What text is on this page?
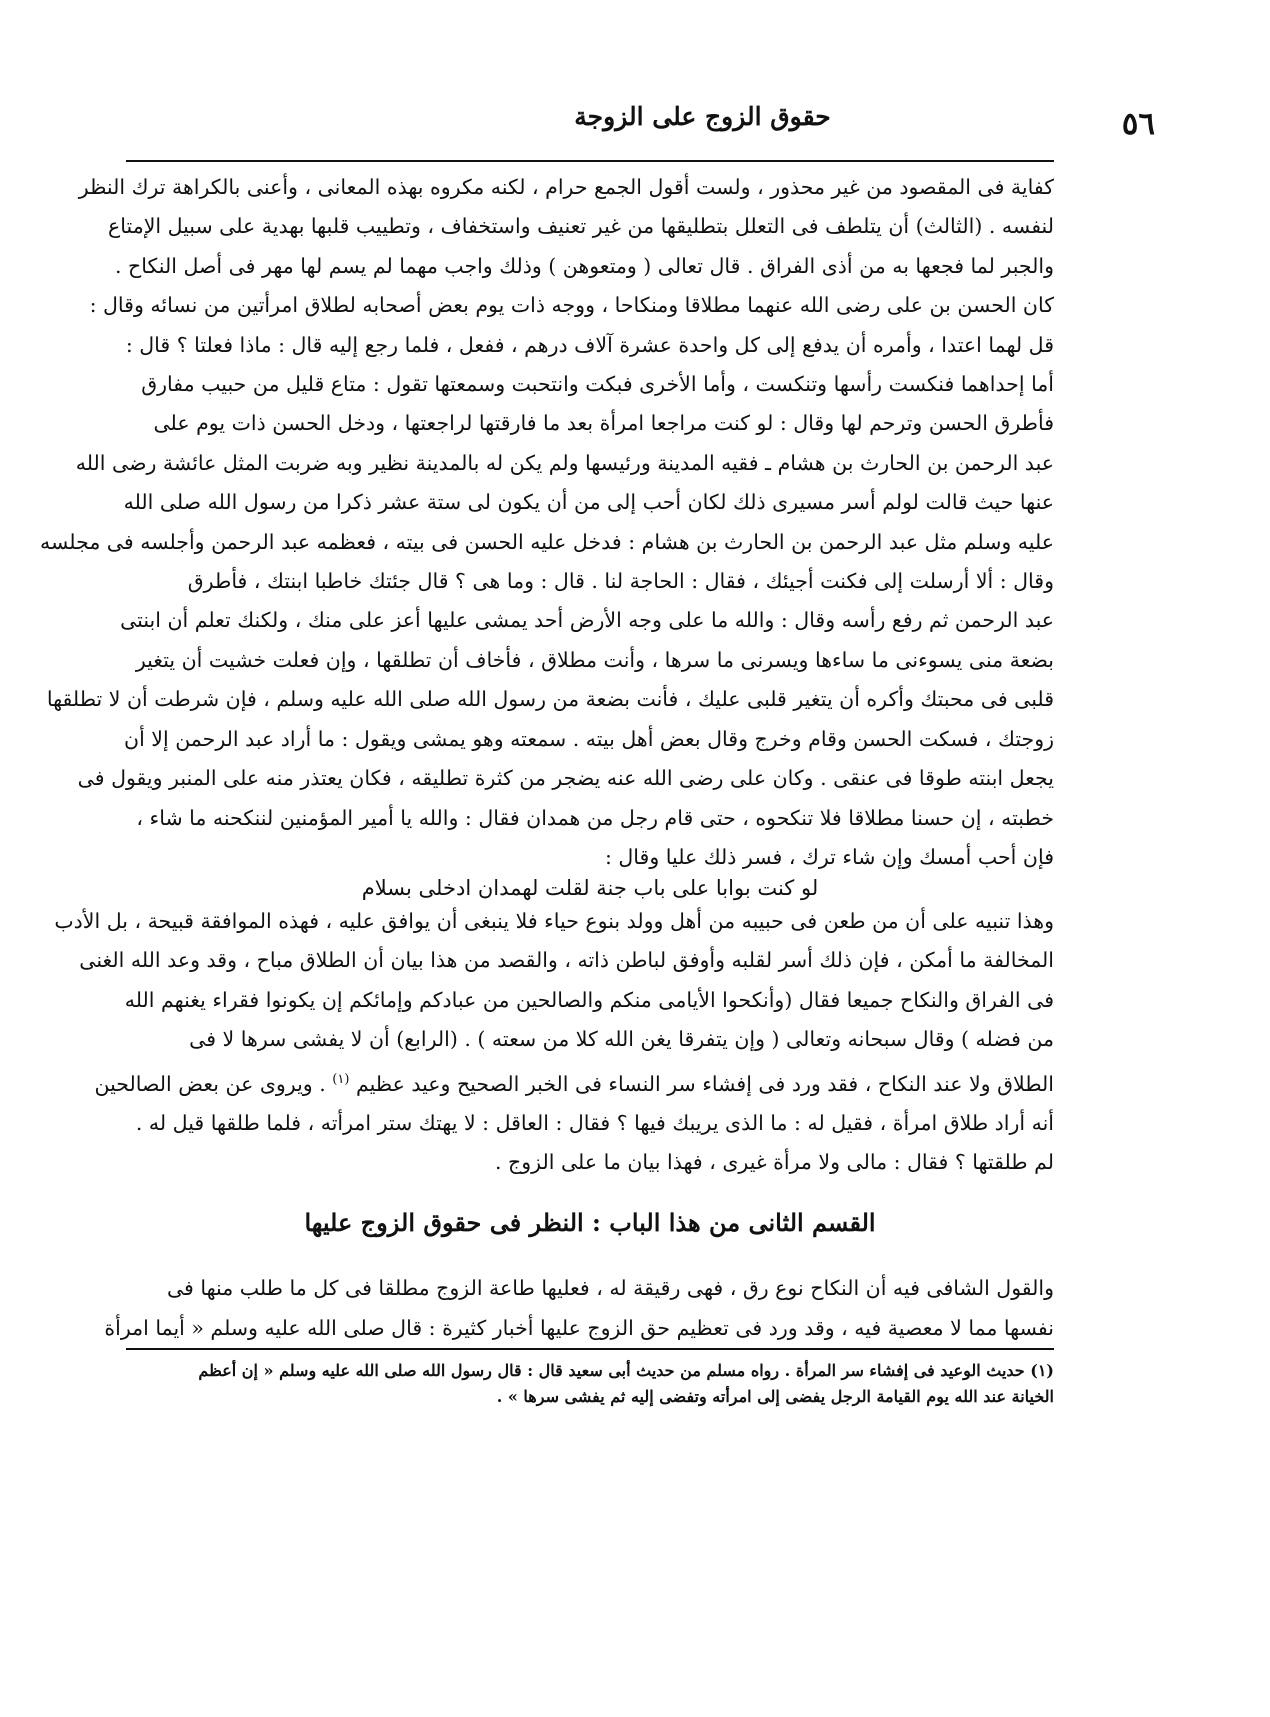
حقوق الزوج على الزوجة	٥٦
كفاية فى المقصود من غير محذور ، ولست أقول الجمع حرام ، لكنه مكروه بهذه المعانى ، وأعنى بالكراهة ترك النظر
لنفسه . (الثالث) أن يتلطف فى التعلل بتطليقها من غير تعنيف واستخفاف ، وتطييب قلبها بهدية على سبيل الإمتاع
والجبر لما فجعها به من أذى الفراق . قال تعالى ( ومتعوهن ) وذلك واجب مهما لم يسم لها مهر فى أصل النكاح .
كان الحسن بن على رضى الله عنهما مطلاقا ومنكاحا ، ووجه ذات يوم بعض أصحابه لطلاق امرأتين من نسائه وقال :
قل لهما اعتدا ، وأمره أن يدفع إلى كل واحدة عشرة آلاف درهم ، ففعل ، فلما رجع إليه قال : ماذا فعلتا ؟ قال :
أما إحداهما فنكست رأسها وتنكست ، وأما الأخرى فبكت وانتحبت وسمعتها تقول : متاع قليل من حبيب مفارق
فأطرق الحسن وترحم لها وقال : لو كنت مراجعا امرأة بعد ما فارقتها لراجعتها ، ودخل الحسن ذات يوم على
عبد الرحمن بن الحارث بن هشام ـ فقيه المدينة ورئيسها ولم يكن له بالمدينة نظير وبه ضربت المثل عائشة رضى الله
عنها حيث قالت لولم أسر مسيرى ذلك لكان أحب إلى من أن يكون لى ستة عشر ذكرا من رسول الله صلى الله
عليه وسلم مثل عبد الرحمن بن الحارث بن هشام : فدخل عليه الحسن فى بيته ، فعظمه عبد الرحمن وأجلسه فى مجلسه
وقال : ألا أرسلت إلى فكنت أجيئك ، فقال : الحاجة لنا . قال : وما هى ؟ قال جئتك خاطبا ابنتك ، فأطرق
عبد الرحمن ثم رفع رأسه وقال : والله ما على وجه الأرض أحد يمشى عليها أعز على منك ، ولكنك تعلم أن ابنتى
بضعة منى يسوءنى ما ساءها ويسرنى ما سرها ، وأنت مطلاق ، فأخاف أن تطلقها ، وإن فعلت خشيت أن يتغير
قلبى فى محبتك وأكره أن يتغير قلبى عليك ، فأنت بضعة من رسول الله صلى الله عليه وسلم ، فإن شرطت أن لا تطلقها
زوجتك ، فسكت الحسن وقام وخرج وقال بعض أهل بيته . سمعته وهو يمشى ويقول : ما أراد عبد الرحمن إلا أن
يجعل ابنته طوقا فى عنقى . وكان على رضى الله عنه يضجر من كثرة تطليقه ، فكان يعتذر منه على المنبر ويقول فى
خطبته ، إن حسنا مطلاقا فلا تنكحوه ، حتى قام رجل من همدان فقال : والله يا أمير المؤمنين لننكحنه ما شاء ،
فإن أحب أمسك وإن شاء ترك ، فسر ذلك عليا وقال :
لو كنت بوابا على باب جنة لقلت لهمدان ادخلى بسلام
وهذا تنبيه على أن من طعن فى حبيبه من أهل وولد بنوع حياء فلا ينبغى أن يوافق عليه ، فهذه الموافقة قبيحة ، بل الأدب
المخالفة ما أمكن ، فإن ذلك أسر لقلبه وأوفق لباطن ذاته ، والقصد من هذا بيان أن الطلاق مباح ، وقد وعد الله الغنى
فى الفراق والنكاح جميعا فقال (وأنكحوا الأيامى منكم والصالحين من عبادكم وإمائكم إن يكونوا فقراء يغنهم الله
من فضله ) وقال سبحانه وتعالى ( وإن يتفرقا يغن الله كلا من سعته ) . (الرابع) أن لا يفشى سرها لا فى
الطلاق ولا عند النكاح ، فقد ورد فى إفشاء سر النساء فى الخبر الصحيح وعيد عظيم $^{(١)}$ . ويروى عن بعض الصالحين
أنه أراد طلاق امرأة ، فقيل له : ما الذى يريبك فيها ؟ فقال : العاقل : لا يهتك ستر امرأته ، فلما طلقها قيل له .
لم طلقتها ؟ فقال : مالى ولا مرأة غيرى ، فهذا بيان ما على الزوج .
القسم الثانى من هذا الباب : النظر فى حقوق الزوج عليها
والقول الشافى فيه أن النكاح نوع رق ، فهى رقيقة له ، فعليها طاعة الزوج مطلقا فى كل ما طلب منها فى
نفسها مما لا معصية فيه ، وقد ورد فى تعظيم حق الزوج عليها أخبار كثيرة : قال صلى الله عليه وسلم « أيما امرأة
(١) حديث الوعيد فى إفشاء سر المرأة . رواه مسلم من حديث أبى سعيد قال : قال رسول الله صلى الله عليه وسلم « إن أعظم
الخيانة عند الله يوم القيامة الرجل يفضى إلى امرأته وتفضى إليه ثم يفشى سرها » .
